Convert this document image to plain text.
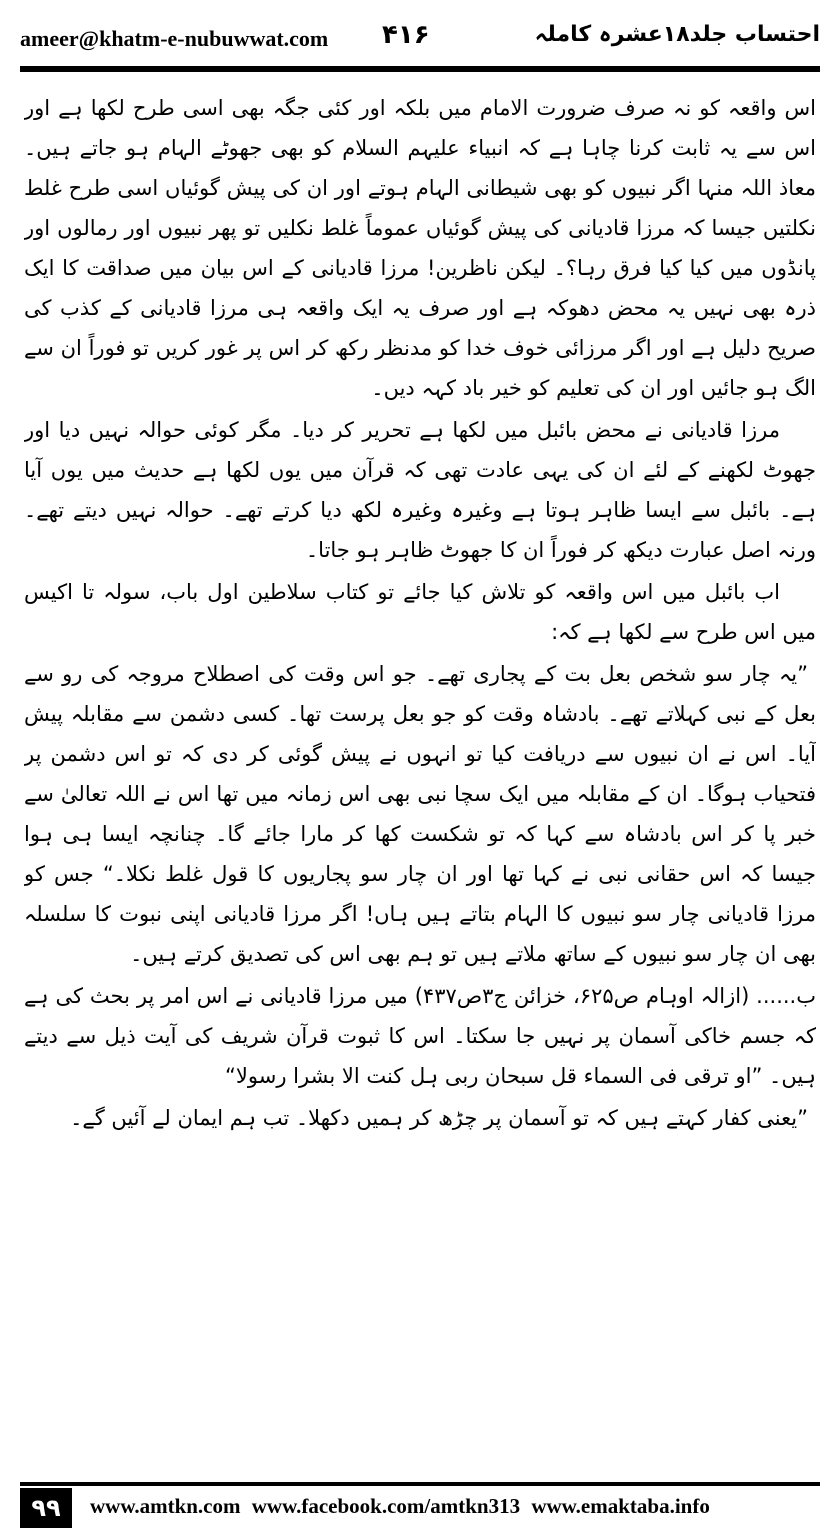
ameer@khatm-e-nubuwwat.com ۴۱۶	احتساب جلد۱۸عشرہ کاملہ

اس واقعہ کو نہ صرف ضرورت الامام میں بلکہ اور کئی جگہ بھی اسی طرح لکھا ہے اور اس سے یہ ثابت کرنا چاہا ہے کہ انبیاء علیہم السلام کو بھی جھوٹے الہام ہو جاتے ہیں۔ معاذ اللہ منہا اگر نبیوں کو بھی شیطانی الہام ہوتے اور ان کی پیش گوئیاں اسی طرح غلط نکلتیں جیسا کہ مرزا قادیانی کی پیش گوئیاں عموماً غلط نکلیں تو پھر نبیوں اور رمالوں اور پانڈوں میں کیا کیا فرق رہا؟۔ لیکن ناظرین! مرزا قادیانی کے اس بیان میں صداقت کا ایک ذرہ بھی نہیں یہ محض دھوکہ ہے اور صرف یہ ایک واقعہ ہی مرزا قادیانی کے کذب کی صریح دلیل ہے اور اگر مرزائی خوف خدا کو مدنظر رکھ کر اس پر غور کریں تو فوراً ان سے الگ ہو جائیں اور ان کی تعلیم کو خیر باد کہہ دیں۔

مرزا قادیانی نے محض بائبل میں لکھا ہے تحریر کر دیا۔ مگر کوئی حوالہ نہیں دیا اور جھوٹ لکھنے کے لئے ان کی یہی عادت تھی کہ قرآن میں یوں لکھا ہے حدیث میں یوں آیا ہے۔ بائبل سے ایسا ظاہر ہوتا ہے وغیرہ وغیرہ لکھ دیا کرتے تھے۔ حوالہ نہیں دیتے تھے۔ ورنہ اصل عبارت دیکھ کر فوراً ان کا جھوٹ ظاہر ہو جاتا۔

اب بائبل میں اس واقعہ کو تلاش کیا جائے تو کتاب سلاطین اول باب، سولہ تا اکیس میں اس طرح سے لکھا ہے کہ:

”یہ چار سو شخص بعل بت کے پجاری تھے۔ جو اس وقت کی اصطلاح مروجہ کی رو سے بعل کے نبی کہلاتے تھے۔ بادشاہ وقت کو جو بعل پرست تھا۔ کسی دشمن سے مقابلہ پیش آیا۔ اس نے ان نبیوں سے دریافت کیا تو انہوں نے پیش گوئی کر دی کہ تو اس دشمن پر فتحیاب ہوگا۔ ان کے مقابلہ میں ایک سچا نبی بھی اس زمانہ میں تھا اس نے اللہ تعالیٰ سے خبر پا کر اس بادشاہ سے کہا کہ تو شکست کھا کر مارا جائے گا۔ چنانچہ ایسا ہی ہوا جیسا کہ اس حقانی نبی نے کہا تھا اور ان چار سو پجاریوں کا قول غلط نکلا۔“ جس کو مرزا قادیانی چار سو نبیوں کا الہام بتاتے ہیں ہاں! اگر مرزا قادیانی اپنی نبوت کا سلسلہ بھی ان چار سو نبیوں کے ساتھ ملاتے ہیں تو ہم بھی اس کی تصدیق کرتے ہیں۔

ب...... (ازالہ اوہام ص۶۲۵، خزائن ج۳ص۴۳۷) میں مرزا قادیانی نے اس امر پر بحث کی ہے کہ جسم خاکی آسمان پر نہیں جا سکتا۔ اس کا ثبوت قرآن شریف کی آیت ذیل سے دیتے ہیں۔ ”او ترقی فی السماء قل سبحان ربی ہل کنت الا بشرا رسولا“

”یعنی کفار کہتے ہیں کہ تو آسمان پر چڑھ کر ہمیں دکھلا۔ تب ہم ایمان لے آئیں گے۔

۹۹	www.amtkn.com www.facebook.com/amtkn313 www.emaktaba.info
